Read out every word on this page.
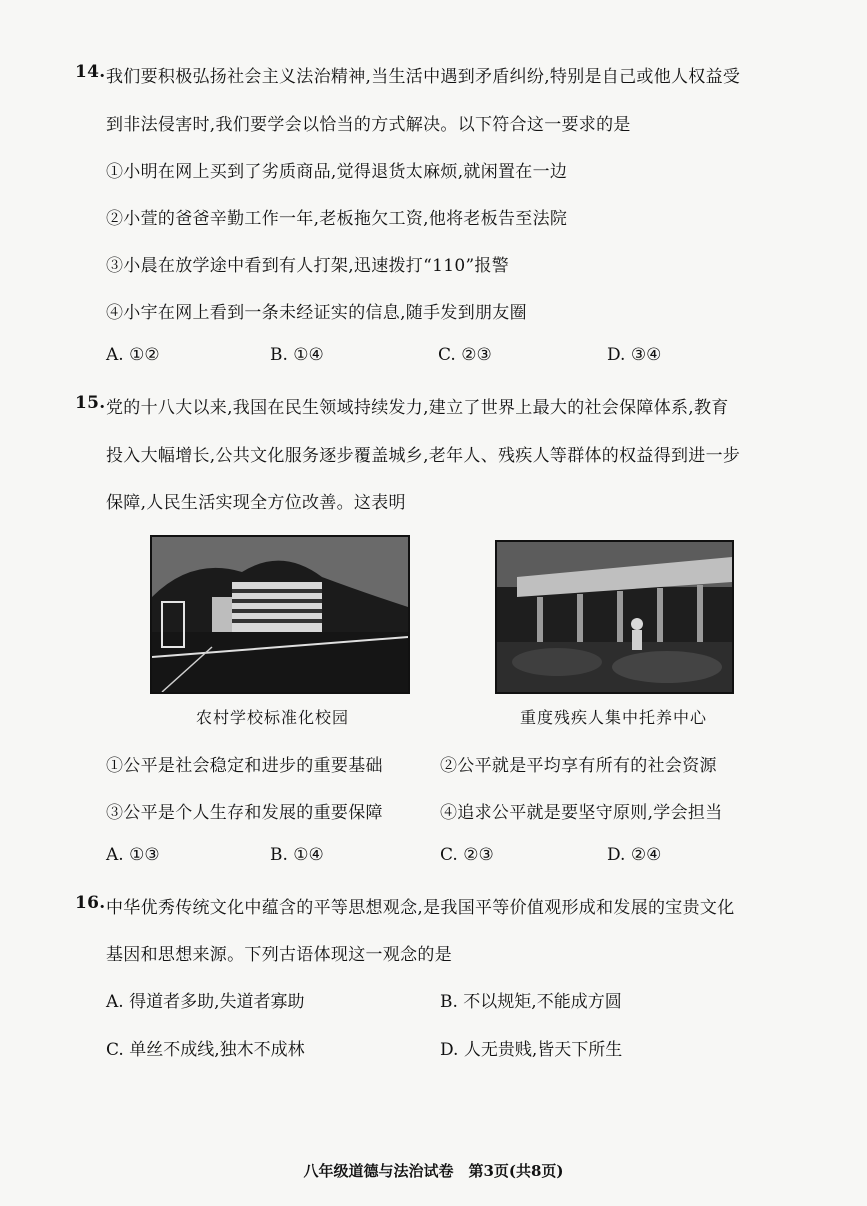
14. 我们要积极弘扬社会主义法治精神,当生活中遇到矛盾纠纷,特别是自己或他人权益受
到非法侵害时,我们要学会以恰当的方式解决。以下符合这一要求的是
①小明在网上买到了劣质商品,觉得退货太麻烦,就闲置在一边
②小萱的爸爸辛勤工作一年,老板拖欠工资,他将老板告至法院
③小晨在放学途中看到有人打架,迅速拨打“110”报警
④小宇在网上看到一条未经证实的信息,随手发到朋友圈
A. ①②	B. ①④	C. ②③	D. ③④
15. 党的十八大以来,我国在民生领域持续发力,建立了世界上最大的社会保障体系,教育
投入大幅增长,公共文化服务逐步覆盖城乡,老年人、残疾人等群体的权益得到进一步
保障,人民生活实现全方位改善。这表明
农村学校标准化校园	重度残疾人集中托养中心
①公平是社会稳定和进步的重要基础	②公平就是平均享有所有的社会资源
③公平是个人生存和发展的重要保障	④追求公平就是要坚守原则,学会担当
A. ①③	B. ①④	C. ②③	D. ②④
16. 中华优秀传统文化中蕴含的平等思想观念,是我国平等价值观形成和发展的宝贵文化
基因和思想来源。下列古语体现这一观念的是
A. 得道者多助,失道者寡助	B. 不以规矩,不能成方圆
C. 单丝不成线,独木不成林	D. 人无贵贱,皆天下所生
八年级道德与法治试卷　第3页(共8页)
